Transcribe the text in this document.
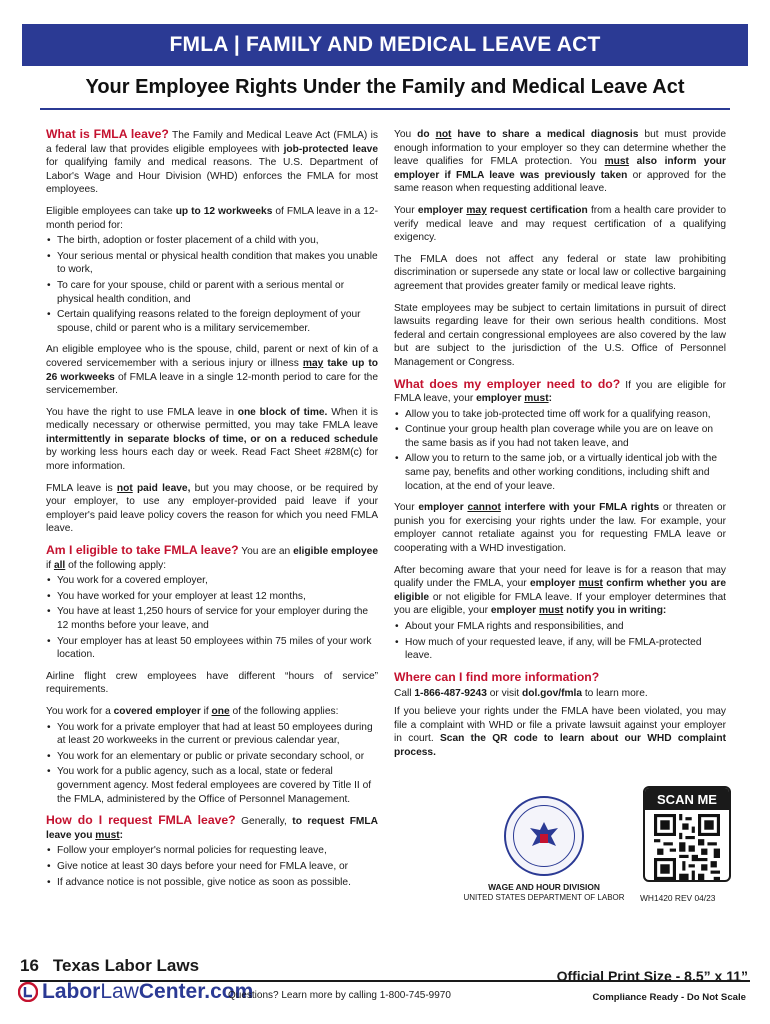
FMLA | FAMILY AND MEDICAL LEAVE ACT
Your Employee Rights Under the Family and Medical Leave Act

What is FMLA leave? The Family and Medical Leave Act (FMLA) is a federal law that provides eligible employees with job-protected leave for qualifying family and medical reasons. The U.S. Department of Labor's Wage and Hour Division (WHD) enforces the FMLA for most employees.

Eligible employees can take up to 12 workweeks of FMLA leave in a 12-month period for:

• The birth, adoption or foster placement of a child with you,
• Your serious mental or physical health condition that makes you unable to work,
• To care for your spouse, child or parent with a serious mental or physical health condition, and
• Certain qualifying reasons related to the foreign deployment of your spouse, child or parent who is a military servicemember.

An eligible employee who is the spouse, child, parent or next of kin of a covered servicemember with a serious injury or illness may take up to 26 workweeks of FMLA leave in a single 12-month period to care for the servicemember.

You have the right to use FMLA leave in one block of time. When it is medically necessary or otherwise permitted, you may take FMLA leave intermittently in separate blocks of time, or on a reduced schedule by working less hours each day or week. Read Fact Sheet #28M(c) for more information.

FMLA leave is not paid leave, but you may choose, or be required by your employer, to use any employer-provided paid leave if your employer's paid leave policy covers the reason for which you need FMLA leave.

Am I eligible to take FMLA leave? You are an eligible employee if all of the following apply:

• You work for a covered employer,
• You have worked for your employer at least 12 months,
• You have at least 1,250 hours of service for your employer during the 12 months before your leave, and
• Your employer has at least 50 employees within 75 miles of your work location.

Airline flight crew employees have different “hours of service” requirements.

You work for a covered employer if one of the following applies:

• You work for a private employer that had at least 50 employees during at least 20 workweeks in the current or previous calendar year,
• You work for an elementary or public or private secondary school, or
• You work for a public agency, such as a local, state or federal government agency. Most federal employees are covered by Title II of the FMLA, administered by the Office of Personnel Management.

How do I request FMLA leave? Generally, to request FMLA leave you must:

• Follow your employer's normal policies for requesting leave,
• Give notice at least 30 days before your need for FMLA leave, or
• If advance notice is not possible, give notice as soon as possible.

You do not have to share a medical diagnosis but must provide enough information to your employer so they can determine whether the leave qualifies for FMLA protection. You must also inform your employer if FMLA leave was previously taken or approved for the same reason when requesting additional leave.

Your employer may request certification from a health care provider to verify medical leave and may request certification of a qualifying exigency.

The FMLA does not affect any federal or state law prohibiting discrimination or supersede any state or local law or collective bargaining agreement that provides greater family or medical leave rights.

State employees may be subject to certain limitations in pursuit of direct lawsuits regarding leave for their own serious health conditions. Most federal and certain congressional employees are also covered by the law but are subject to the jurisdiction of the U.S. Office of Personnel Management or Congress.

What does my employer need to do? If you are eligible for FMLA leave, your employer must:

• Allow you to take job-protected time off work for a qualifying reason,
• Continue your group health plan coverage while you are on leave on the same basis as if you had not taken leave, and
• Allow you to return to the same job, or a virtually identical job with the same pay, benefits and other working conditions, including shift and location, at the end of your leave.

Your employer cannot interfere with your FMLA rights or threaten or punish you for exercising your rights under the law. For example, your employer cannot retaliate against you for requesting FMLA leave or cooperating with a WHD investigation.

After becoming aware that your need for leave is for a reason that may qualify under the FMLA, your employer must confirm whether you are eligible or not eligible for FMLA leave. If your employer determines that you are eligible, your employer must notify you in writing:

• About your FMLA rights and responsibilities, and
• How much of your requested leave, if any, will be FMLA-protected leave.

Where can I find more information?

Call 1-866-487-9243 or visit dol.gov/fmla to learn more.

If you believe your rights under the FMLA have been violated, you may file a complaint with WHD or file a private lawsuit against your employer in court. Scan the QR code to learn about our WHD complaint process.

SCAN ME
WAGE AND HOUR DIVISION
UNITED STATES DEPARTMENT OF LABOR WH1420 REV 04/23
16 Texas Labor Laws
LaborLawCenter.com
Questions? Learn more by calling 1-800-745-9970
Official Print Size - 8.5” x 11”
Compliance Ready - Do Not Scale
